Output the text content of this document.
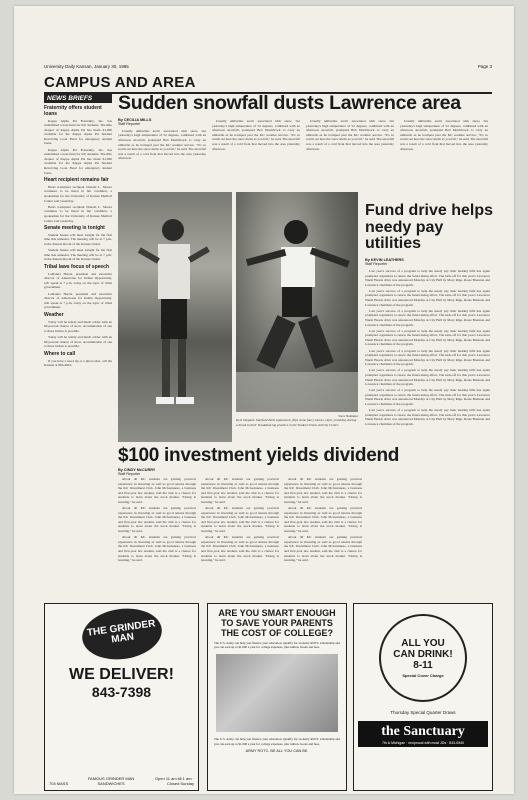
University Daily Kansan, January 30, 1985	Page 3
CAMPUS AND AREA
NEWS BRIEFS
Fraternity offers student loans

Kappa Alpha Psi Fraternity, Inc. has established a loan fund for KU students. The Rho chapter of Kappa Alpha Psi has made $1,000 available for the Kappa Alpha Psi Student Revolving Loan Fund for emergency student loans.

Kappa Alpha Psi Fraternity, Inc. has established a loan fund for KU students. The Rho chapter of Kappa Alpha Psi has made $1,000 available for the Kappa Alpha Psi Student Revolving Loan Fund for emergency student loans.

Heart recipient remains fair

Heart transplant recipient Donald L. Moore continues to be listed in fair condition, a spokesman for the University of Kansas Medical Center said yesterday.

Heart transplant recipient Donald L. Moore continues to be listed in fair condition, a spokesman for the University of Kansas Medical Center said yesterday.

Senate meeting is tonight

Student Senate will meet tonight for the first time this semester. The meeting will be at 7 p.m. in the Kansas Room of the Kansas Union.

Student Senate will meet tonight for the first time this semester. The meeting will be at 7 p.m. in the Kansas Room of the Kansas Union.

Tribal laws focus of speech

LaDonna Harris, president and executive director of Americans for Indian Opportunity, will speak at 7 p.m. today on the topic of tribal government.

LaDonna Harris, president and executive director of Americans for Indian Opportunity, will speak at 7 p.m. today on the topic of tribal government.

Weather

Today will be windy and much colder with an 80 percent chance of snow. Accumulation of one to three inches is possible.

Today will be windy and much colder with an 80 percent chance of snow. Accumulation of one to three inches is possible.

Where to call

If you have a news tip or a photo idea, call the Kansan at 864-4810.

Sudden snowfall dusts Lawrence area
By CECILIA MILLS
Staff Reporter

Usually umbrellas aren't associated with snow, but yesterday's high temperature of 52 degrees, combined with an afternoon snowfall, prompted Bob Drumbrock to carry an umbrella as he tromped past the KU weather service. "It's so warm out here the snow melts as you fall," he said. The snowfall was a result of a cold front that moved into the area yesterday afternoon.

Usually umbrellas aren't associated with snow, but yesterday's high temperature of 52 degrees, combined with an afternoon snowfall, prompted Bob Drumbrock to carry an umbrella as he tromped past the KU weather service. "It's so warm out here the snow melts as you fall," he said. The snowfall was a result of a cold front that moved into the area yesterday afternoon.

Usually umbrellas aren't associated with snow, but yesterday's high temperature of 52 degrees, combined with an afternoon snowfall, prompted Bob Drumbrock to carry an umbrella as he tromped past the KU weather service. "It's so warm out here the snow melts as you fall," he said. The snowfall was a result of a cold front that moved into the area yesterday afternoon.

Usually umbrellas aren't associated with snow, but yesterday's high temperature of 52 degrees, combined with an afternoon snowfall, prompted Bob Drumbrock to carry an umbrella as he tromped past the KU weather service. "It's so warm out here the snow melts as you fall," he said. The snowfall was a result of a cold front that moved into the area yesterday afternoon.

Steve Shumaker
Kyle Shepard, Stanford Park sophomore, flips some fancy moves, right, yesterday during a break in their breakdancing practice in the Student Union Activity Center.
Fund drive helps needy pay utilities
By KEVIN LEATHERS
Staff Reporter

Last year's success of a program to help the needy pay their heating bills has again prompted organizers to renew the fund-raising effort. The kick-off for this year's Lawrence Warm Hearts drive was announced Monday at City Hall by Mary Ripp, Rosie Brennan and Lawrence chairman of the program.

Last year's success of a program to help the needy pay their heating bills has again prompted organizers to renew the fund-raising effort. The kick-off for this year's Lawrence Warm Hearts drive was announced Monday at City Hall by Mary Ripp, Rosie Brennan and Lawrence chairman of the program.

Last year's success of a program to help the needy pay their heating bills has again prompted organizers to renew the fund-raising effort. The kick-off for this year's Lawrence Warm Hearts drive was announced Monday at City Hall by Mary Ripp, Rosie Brennan and Lawrence chairman of the program.

Last year's success of a program to help the needy pay their heating bills has again prompted organizers to renew the fund-raising effort. The kick-off for this year's Lawrence Warm Hearts drive was announced Monday at City Hall by Mary Ripp, Rosie Brennan and Lawrence chairman of the program.

Last year's success of a program to help the needy pay their heating bills has again prompted organizers to renew the fund-raising effort. The kick-off for this year's Lawrence Warm Hearts drive was announced Monday at City Hall by Mary Ripp, Rosie Brennan and Lawrence chairman of the program.

Last year's success of a program to help the needy pay their heating bills has again prompted organizers to renew the fund-raising effort. The kick-off for this year's Lawrence Warm Hearts drive was announced Monday at City Hall by Mary Ripp, Rosie Brennan and Lawrence chairman of the program.

Last year's success of a program to help the needy pay their heating bills has again prompted organizers to renew the fund-raising effort. The kick-off for this year's Lawrence Warm Hearts drive was announced Monday at City Hall by Mary Ripp, Rosie Brennan and Lawrence chairman of the program.

Last year's success of a program to help the needy pay their heating bills has again prompted organizers to renew the fund-raising effort. The kick-off for this year's Lawrence Warm Hearts drive was announced Monday at City Hall by Mary Ripp, Rosie Brennan and Lawrence chairman of the program.

$100 investment yields dividend
By CINDY McCURRY
Staff Reporter

About 40 KU students are gaining practical experience in investing as well as good returns through the KU Investment Club. John McGuinness, a business and first-year law student, said the club is a chance for students to learn about the stock market. "Doing is learning," he said.

About 40 KU students are gaining practical experience in investing as well as good returns through the KU Investment Club. John McGuinness, a business and first-year law student, said the club is a chance for students to learn about the stock market. "Doing is learning," he said.

About 40 KU students are gaining practical experience in investing as well as good returns through the KU Investment Club. John McGuinness, a business and first-year law student, said the club is a chance for students to learn about the stock market. "Doing is learning," he said.

About 40 KU students are gaining practical experience in investing as well as good returns through the KU Investment Club. John McGuinness, a business and first-year law student, said the club is a chance for students to learn about the stock market. "Doing is learning," he said.

About 40 KU students are gaining practical experience in investing as well as good returns through the KU Investment Club. John McGuinness, a business and first-year law student, said the club is a chance for students to learn about the stock market. "Doing is learning," he said.

About 40 KU students are gaining practical experience in investing as well as good returns through the KU Investment Club. John McGuinness, a business and first-year law student, said the club is a chance for students to learn about the stock market. "Doing is learning," he said.

About 40 KU students are gaining practical experience in investing as well as good returns through the KU Investment Club. John McGuinness, a business and first-year law student, said the club is a chance for students to learn about the stock market. "Doing is learning," he said.

About 40 KU students are gaining practical experience in investing as well as good returns through the KU Investment Club. John McGuinness, a business and first-year law student, said the club is a chance for students to learn about the stock market. "Doing is learning," he said.

About 40 KU students are gaining practical experience in investing as well as good returns through the KU Investment Club. John McGuinness, a business and first-year law student, said the club is a chance for students to learn about the stock market. "Doing is learning," he said.

THE GRINDER MAN
WE DELIVER!
843-7398
704 MASS
FAMOUS GRINDER MAN SANDWICHES
Open 11 am till 1 am · Closed Sunday
ARE YOU SMART ENOUGH TO SAVE YOUR PARENTS THE COST OF COLLEGE?
The U.S. Army can help you finance your education. Qualify for an Army ROTC scholarship and you can earn up to $1,000 a year for college expenses, plus tuition, books and fees.
The U.S. Army can help you finance your education. Qualify for an Army ROTC scholarship and you can earn up to $1,000 a year for college expenses, plus tuition, books and fees.
ARMY ROTC. BE ALL YOU CAN BE.
ALL YOU
CAN DRINK!
8-11
Special Cover Charge
Thursday Special Quarter Draws
the Sanctuary
7th & Michigan · reciprocal with most JDs · 843-0540
